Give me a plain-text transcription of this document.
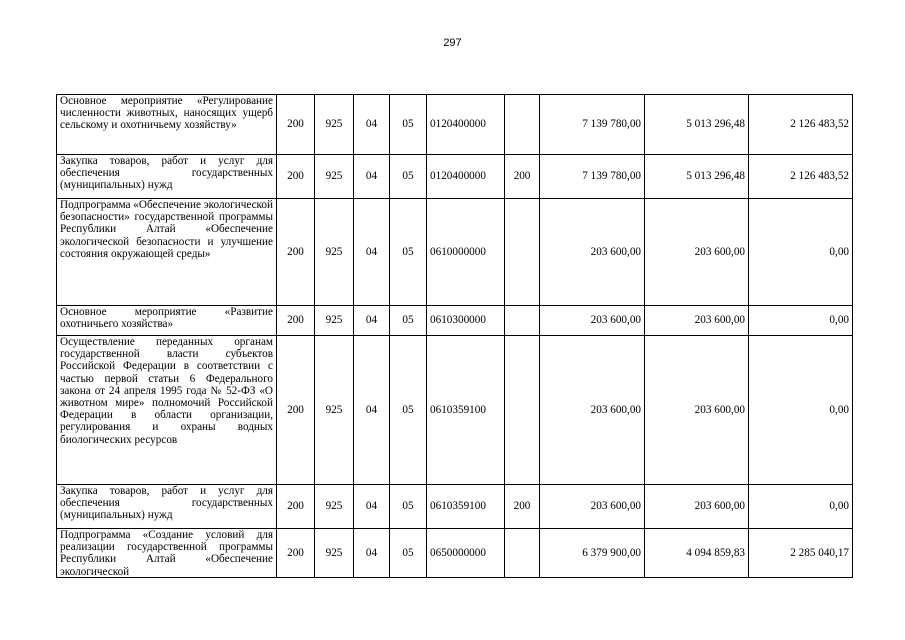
297
Основное мероприятие «Регулирование численности животных, наносящих ущерб сельскому и охотничьему хозяйству»	200	925	04	05	0120400000		7 139 780,00	5 013 296,48	2 126 483,52
Закупка товаров, работ и услуг для обеспечения государственных (муниципальных) нужд	200	925	04	05	0120400000	200	7 139 780,00	5 013 296,48	2 126 483,52
Подпрограмма «Обеспечение экологической безопасности» государственной программы Республики Алтай «Обеспечение экологической безопасности и улучшение состояния окружающей среды»	200	925	04	05	0610000000		203 600,00	203 600,00	0,00
Основное мероприятие «Развитие охотничьего хозяйства»	200	925	04	05	0610300000		203 600,00	203 600,00	0,00
Осуществление переданных органам государственной власти субъектов Российской Федерации в соответствии с частью первой статьи 6 Федерального закона от 24 апреля 1995 года № 52-ФЗ «О животном мире» полномочий Российской Федерации в области организации, регулирования и охраны водных биологических ресурсов	200	925	04	05	0610359100		203 600,00	203 600,00	0,00
Закупка товаров, работ и услуг для обеспечения государственных (муниципальных) нужд	200	925	04	05	0610359100	200	203 600,00	203 600,00	0,00

Подпрограмма «Создание условий для реализации государственной программы Республики Алтай «Обеспечение экологической	200	925	04	05	0650000000		6 379 900,00	4 094 859,83	2 285 040,17
